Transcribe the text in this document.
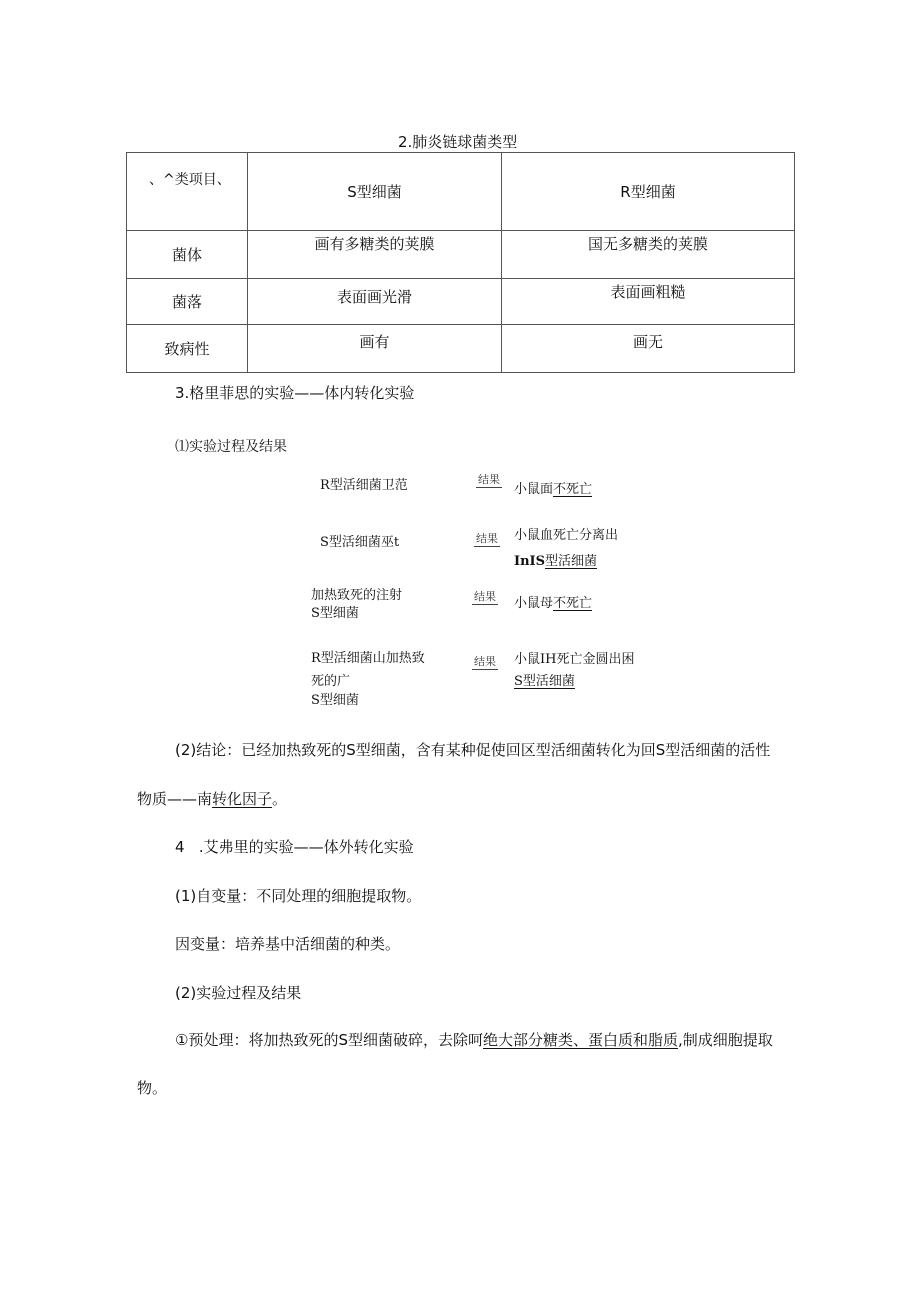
2.肺炎链球菌类型
、^类项目、	S型细菌	R型细菌
菌体	画有多糖类的荚膜	国无多糖类的荚膜
菌落	表面画光滑	表面画粗糙
致病性	画有	画无
3.格里菲思的实验——体内转化实验
⑴实验过程及结果
R型活细菌卫范	结果
小鼠面不死亡
S型活细菌巫t	结果 小鼠血死亡分离出
InIS型活细菌
加热致死的注射
S型细菌
结果 小鼠母不死亡
R型活细菌山加热致
死的广
S型细菌
结果 小鼠IH死亡金圆出困
S型活细菌
(2)结论：已经加热致死的S型细菌，含有某种促使回区型活细菌转化为回S型活细菌的活性
物质——南转化因子。
4   .艾弗里的实验——体外转化实验
(1)自变量：不同处理的细胞提取物。
因变量：培养基中活细菌的种类。
(2)实验过程及结果
①预处理：将加热致死的S型细菌破碎，去除呵绝大部分糖类、蛋白质和脂质,制成细胞提取
物。
